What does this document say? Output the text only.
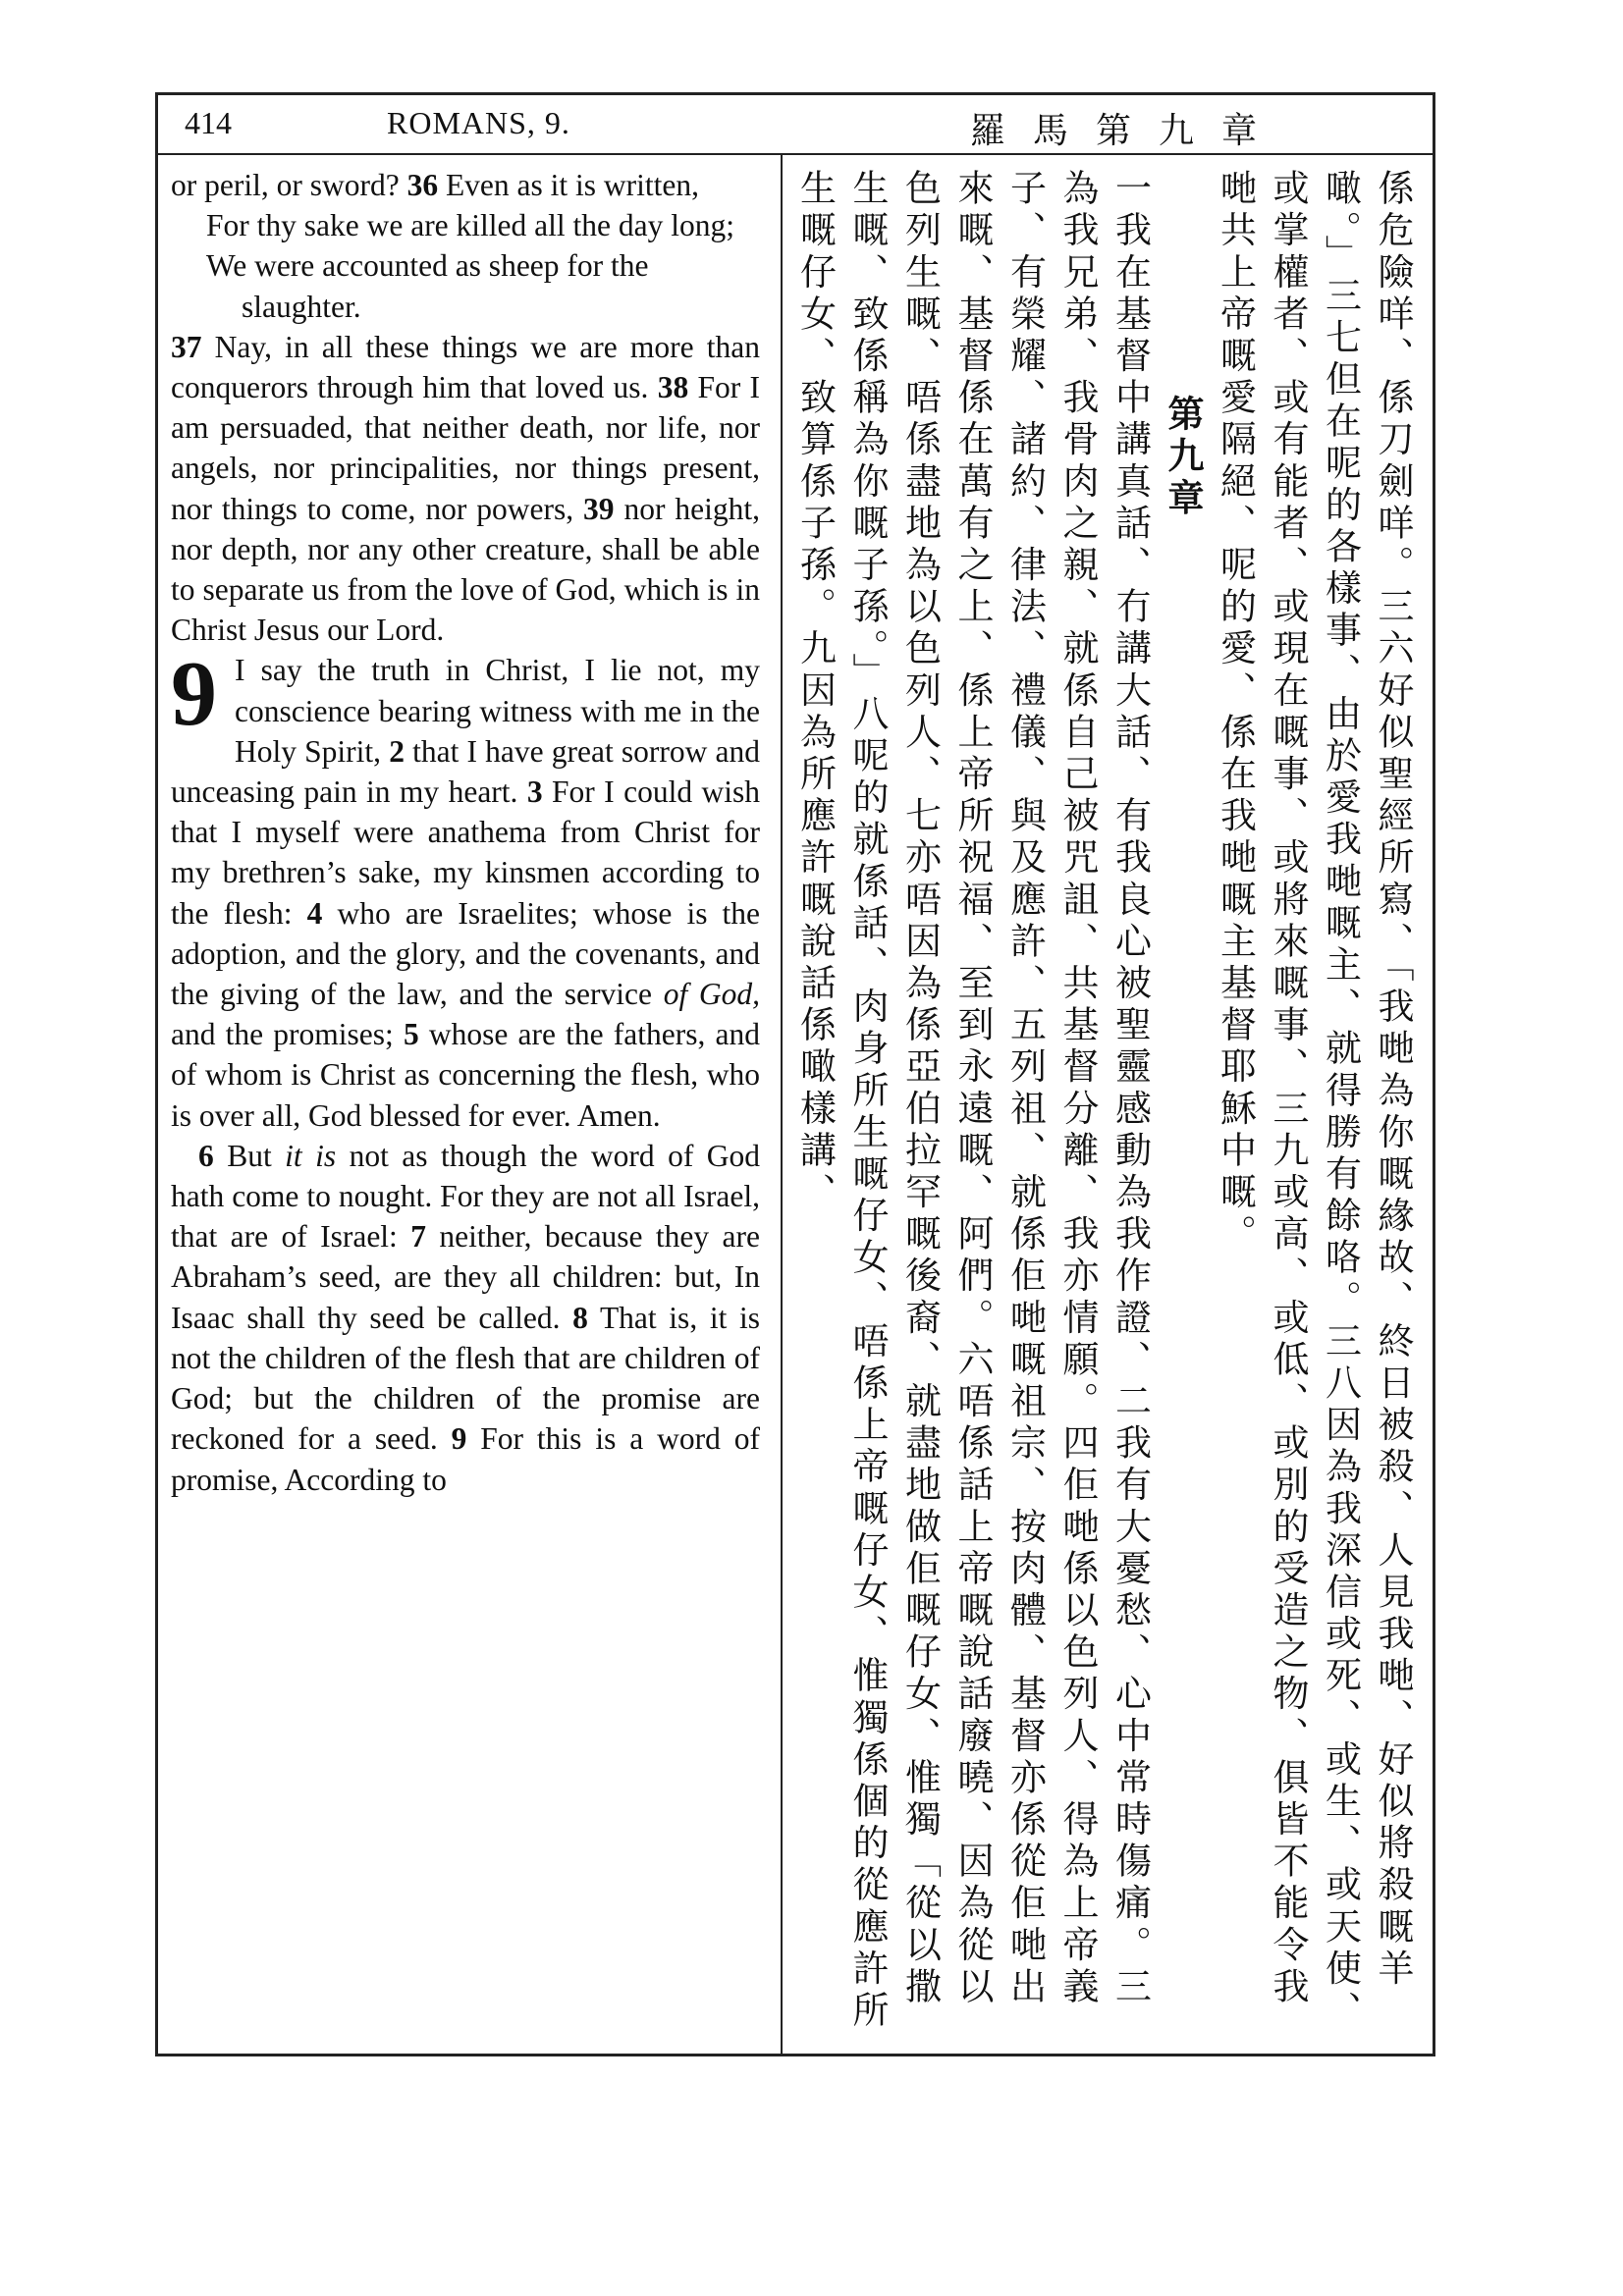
414	ROMANS, 9.	羅馬第九章

or peril, or sword? 36 Even as it is written,

For thy sake we are killed all the day long;

We were accounted as sheep for the slaughter.

37 Nay, in all these things we are more than conquerors through him that loved us. 38 For I am persuaded, that neither death, nor life, nor angels, nor principalities, nor things present, nor things to come, nor powers, 39 nor height, nor depth, nor any other creature, shall be able to separate us from the love of God, which is in Christ Jesus our Lord.

9 I say the truth in Christ, I lie not, my conscience bearing witness with me in the Holy Spirit, 2 that I have great sorrow and unceasing pain in my heart. 3 For I could wish that I myself were anathema from Christ for my brethren’s sake, my kinsmen according to the flesh: 4 who are Israelites; whose is the adoption, and the glory, and the covenants, and the giving of the law, and the service of God, and the promises; 5 whose are the fathers, and of whom is Christ as concerning the flesh, who is over all, God blessed for ever. Amen.

6 But it is not as though the word of God hath come to nought. For they are not all Israel, that are of Israel: 7 neither, because they are Abraham’s seed, are they all children: but, In Isaac shall thy seed be called. 8 That is, it is not the children of the flesh that are children of God; but the children of the promise are reckoned for a seed. 9 For this is a word of promise, According to	係危險咩、係刀劍咩。三六好似聖經所寫、「我哋為你嘅緣故、終日被殺、人見我哋、好似將殺嘅羊噉。」三七但在呢的各樣事、由於愛我哋嘅主、就得勝有餘咯。三八因為我深信或死、或生、或天使、或掌權者、或有能者、或現在嘅事、或將來嘅事、三九或高、或低、或別的受造之物、俱皆不能令我哋共上帝嘅愛隔絕、呢的愛、係在我哋嘅主基督耶穌中嘅。

第九章

一我在基督中講真話、冇講大話、有我良心被聖靈感動為我作證、二我有大憂愁、心中常時傷痛。三為我兄弟、我骨肉之親、就係自己被咒詛、共基督分離、我亦情願。四佢哋係以色列人、得為上帝義子、有榮耀、諸約、律法、禮儀、與及應許、五列祖、就係佢哋嘅祖宗、按肉體、基督亦係從佢哋出來嘅、基督係在萬有之上、係上帝所祝福、至到永遠嘅、阿們。六唔係話上帝嘅說話廢曉、因為從以色列生嘅、唔係盡地為以色列人、七亦唔因為係亞伯拉罕嘅後裔、就盡地做佢嘅仔女、惟獨「從以撒生嘅、致係稱為你嘅子孫。」八呢的就係話、肉身所生嘅仔女、唔係上帝嘅仔女、惟獨係個的從應許所生嘅仔女、致算係子孫。九因為所應許嘅說話係噉樣講、
